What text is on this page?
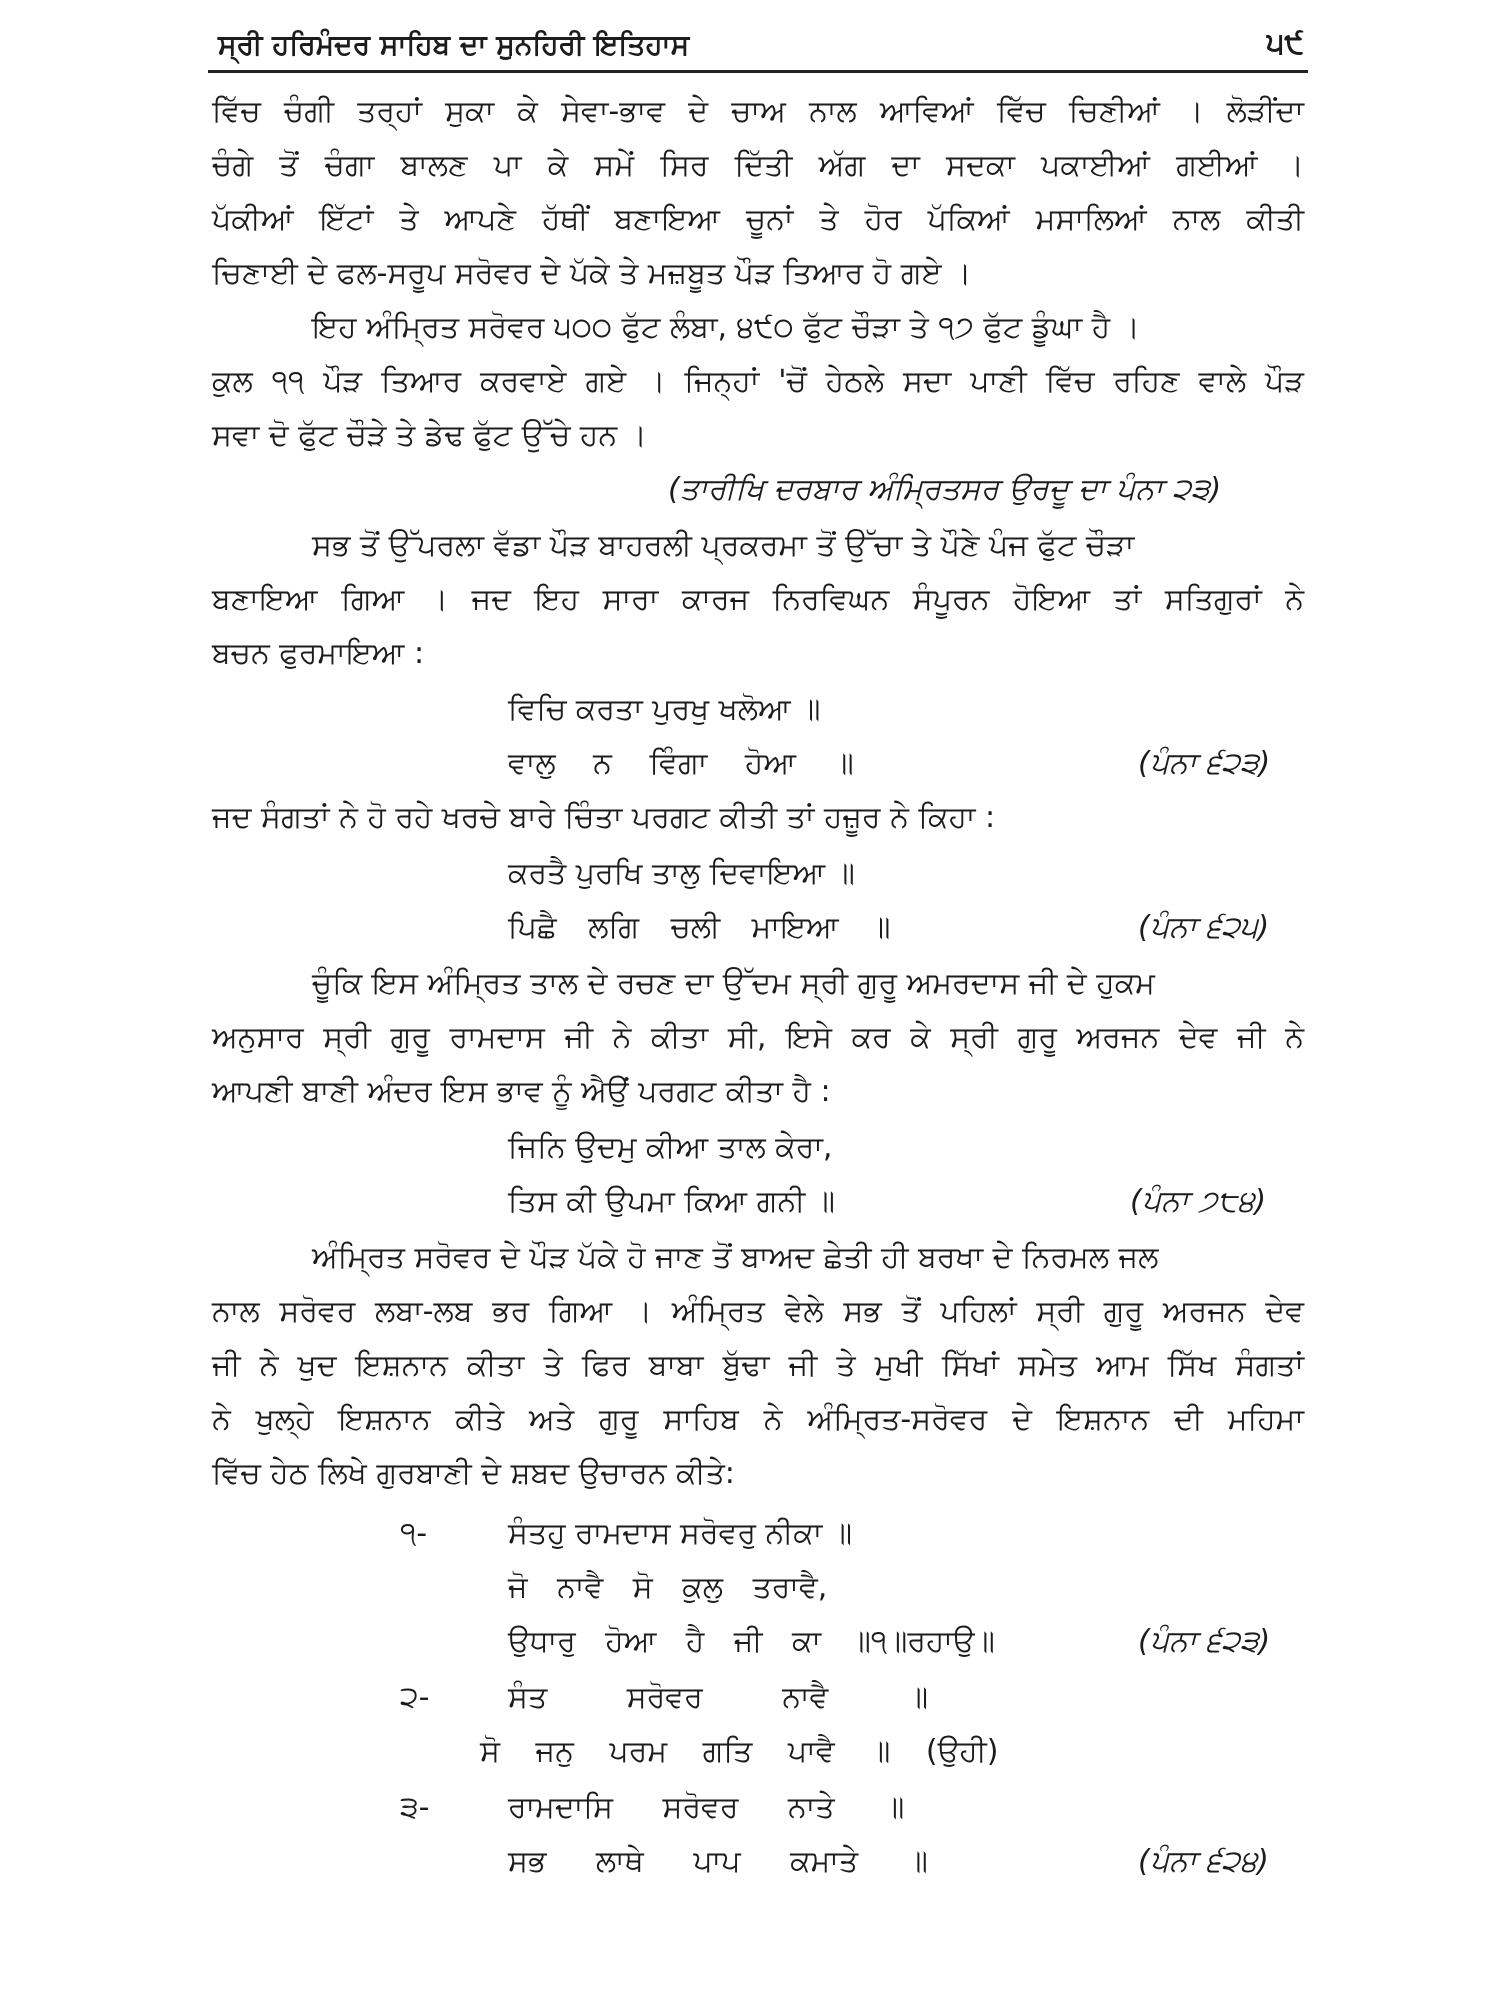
ਸ੍ਰੀ ਹਰਿਮੰਦਰ ਸਾਹਿਬ ਦਾ ਸੁਨਹਿਰੀ ਇਤਿਹਾਸ	੫੯
ਵਿੱਚ ਚੰਗੀ ਤਰ੍ਹਾਂ ਸੁਕਾ ਕੇ ਸੇਵਾ-ਭਾਵ ਦੇ ਚਾਅ ਨਾਲ ਆਵਿਆਂ ਵਿੱਚ ਚਿਣੀਆਂ । ਲੋੜੀਂਦਾ
ਚੰਗੇ ਤੋਂ ਚੰਗਾ ਬਾਲਣ ਪਾ ਕੇ ਸਮੇਂ ਸਿਰ ਦਿੱਤੀ ਅੱਗ ਦਾ ਸਦਕਾ ਪਕਾਈਆਂ ਗਈਆਂ ।
ਪੱਕੀਆਂ ਇੱਟਾਂ ਤੇ ਆਪਣੇ ਹੱਥੀਂ ਬਣਾਇਆ ਚੂਨਾਂ ਤੇ ਹੋਰ ਪੱਕਿਆਂ ਮਸਾਲਿਆਂ ਨਾਲ ਕੀਤੀ
ਚਿਣਾਈ ਦੇ ਫਲ-ਸਰੂਪ ਸਰੋਵਰ ਦੇ ਪੱਕੇ ਤੇ ਮਜ਼ਬੂਤ ਪੌੜ ਤਿਆਰ ਹੋ ਗਏ ।
ਇਹ ਅੰਮ੍ਰਿਤ ਸਰੋਵਰ ੫੦੦ ਫੁੱਟ ਲੰਬਾ, ੪੯੦ ਫੁੱਟ ਚੌੜਾ ਤੇ ੧੭ ਫੁੱਟ ਡੂੰਘਾ ਹੈ ।
ਕੁਲ ੧੧ ਪੌੜ ਤਿਆਰ ਕਰਵਾਏ ਗਏ । ਜਿਨ੍ਹਾਂ 'ਚੋਂ ਹੇਠਲੇ ਸਦਾ ਪਾਣੀ ਵਿੱਚ ਰਹਿਣ ਵਾਲੇ ਪੌੜ
ਸਵਾ ਦੋ ਫੁੱਟ ਚੌੜੇ ਤੇ ਡੇਢ ਫੁੱਟ ਉੱਚੇ ਹਨ ।
(ਤਾਰੀਖਿ ਦਰਬਾਰ ਅੰਮ੍ਰਿਤਸਰ ਉਰਦੂ ਦਾ ਪੰਨਾ ੨੩)
ਸਭ ਤੋਂ ਉੱਪਰਲਾ ਵੱਡਾ ਪੌੜ ਬਾਹਰਲੀ ਪ੍ਰਕਰਮਾ ਤੋਂ ਉੱਚਾ ਤੇ ਪੌਣੇ ਪੰਜ ਫੁੱਟ ਚੌੜਾ
ਬਣਾਇਆ ਗਿਆ । ਜਦ ਇਹ ਸਾਰਾ ਕਾਰਜ ਨਿਰਵਿਘਨ ਸੰਪੂਰਨ ਹੋਇਆ ਤਾਂ ਸਤਿਗੁਰਾਂ ਨੇ
ਬਚਨ ਫੁਰਮਾਇਆ :
ਵਿਚਿ ਕਰਤਾ ਪੁਰਖੁ ਖਲੋਆ ॥
ਵਾਲੁ ਨ ਵਿੰਗਾ ਹੋਆ ॥	(ਪੰਨਾ ੬੨੩)
ਜਦ ਸੰਗਤਾਂ ਨੇ ਹੋ ਰਹੇ ਖਰਚੇ ਬਾਰੇ ਚਿੰਤਾ ਪਰਗਟ ਕੀਤੀ ਤਾਂ ਹਜ਼ੂਰ ਨੇ ਕਿਹਾ :
ਕਰਤੈ ਪੁਰਖਿ ਤਾਲੁ ਦਿਵਾਇਆ ॥
ਪਿਛੈ ਲਗਿ ਚਲੀ ਮਾਇਆ ॥	(ਪੰਨਾ ੬੨੫)
ਚੂੰਕਿ ਇਸ ਅੰਮ੍ਰਿਤ ਤਾਲ ਦੇ ਰਚਣ ਦਾ ਉੱਦਮ ਸ੍ਰੀ ਗੁਰੂ ਅਮਰਦਾਸ ਜੀ ਦੇ ਹੁਕਮ
ਅਨੁਸਾਰ ਸ੍ਰੀ ਗੁਰੂ ਰਾਮਦਾਸ ਜੀ ਨੇ ਕੀਤਾ ਸੀ, ਇਸੇ ਕਰ ਕੇ ਸ੍ਰੀ ਗੁਰੂ ਅਰਜਨ ਦੇਵ ਜੀ ਨੇ
ਆਪਣੀ ਬਾਣੀ ਅੰਦਰ ਇਸ ਭਾਵ ਨੂੰ ਐਉਂ ਪਰਗਟ ਕੀਤਾ ਹੈ :
ਜਿਨਿ ਉਦਮੁ ਕੀਆ ਤਾਲ ਕੇਰਾ,
ਤਿਸ ਕੀ ਉਪਮਾ ਕਿਆ ਗਨੀ ॥	(ਪੰਨਾ ੭੮੪)
ਅੰਮ੍ਰਿਤ ਸਰੋਵਰ ਦੇ ਪੌੜ ਪੱਕੇ ਹੋ ਜਾਣ ਤੋਂ ਬਾਅਦ ਛੇਤੀ ਹੀ ਬਰਖਾ ਦੇ ਨਿਰਮਲ ਜਲ
ਨਾਲ ਸਰੋਵਰ ਲਬਾ-ਲਬ ਭਰ ਗਿਆ । ਅੰਮ੍ਰਿਤ ਵੇਲੇ ਸਭ ਤੋਂ ਪਹਿਲਾਂ ਸ੍ਰੀ ਗੁਰੂ ਅਰਜਨ ਦੇਵ
ਜੀ ਨੇ ਖੁਦ ਇਸ਼ਨਾਨ ਕੀਤਾ ਤੇ ਫਿਰ ਬਾਬਾ ਬੁੱਢਾ ਜੀ ਤੇ ਮੁਖੀ ਸਿੱਖਾਂ ਸਮੇਤ ਆਮ ਸਿੱਖ ਸੰਗਤਾਂ
ਨੇ ਖੁਲ੍ਹੇ ਇਸ਼ਨਾਨ ਕੀਤੇ ਅਤੇ ਗੁਰੂ ਸਾਹਿਬ ਨੇ ਅੰਮ੍ਰਿਤ-ਸਰੋਵਰ ਦੇ ਇਸ਼ਨਾਨ ਦੀ ਮਹਿਮਾ
ਵਿੱਚ ਹੇਠ ਲਿਖੇ ਗੁਰਬਾਣੀ ਦੇ ਸ਼ਬਦ ਉਚਾਰਨ ਕੀਤੇ:
੧-	ਸੰਤਹੁ ਰਾਮਦਾਸ ਸਰੋਵਰੁ ਨੀਕਾ ॥
ਜੋ ਨਾਵੈ ਸੋ ਕੁਲੁ ਤਰਾਵੈ,
ਉਧਾਰੁ ਹੋਆ ਹੈ ਜੀ ਕਾ ॥੧॥ਰਹਾਉ॥	(ਪੰਨਾ ੬੨੩)
੨-	ਸੰਤ ਸਰੋਵਰ ਨਾਵੈ ॥
ਸੋ ਜਨੁ ਪਰਮ ਗਤਿ ਪਾਵੈ ॥ (ਉਹੀ)
੩-	ਰਾਮਦਾਸਿ ਸਰੋਵਰ ਨਾਤੇ ॥
ਸਭ ਲਾਥੇ ਪਾਪ ਕਮਾਤੇ ॥	(ਪੰਨਾ ੬੨੪)
